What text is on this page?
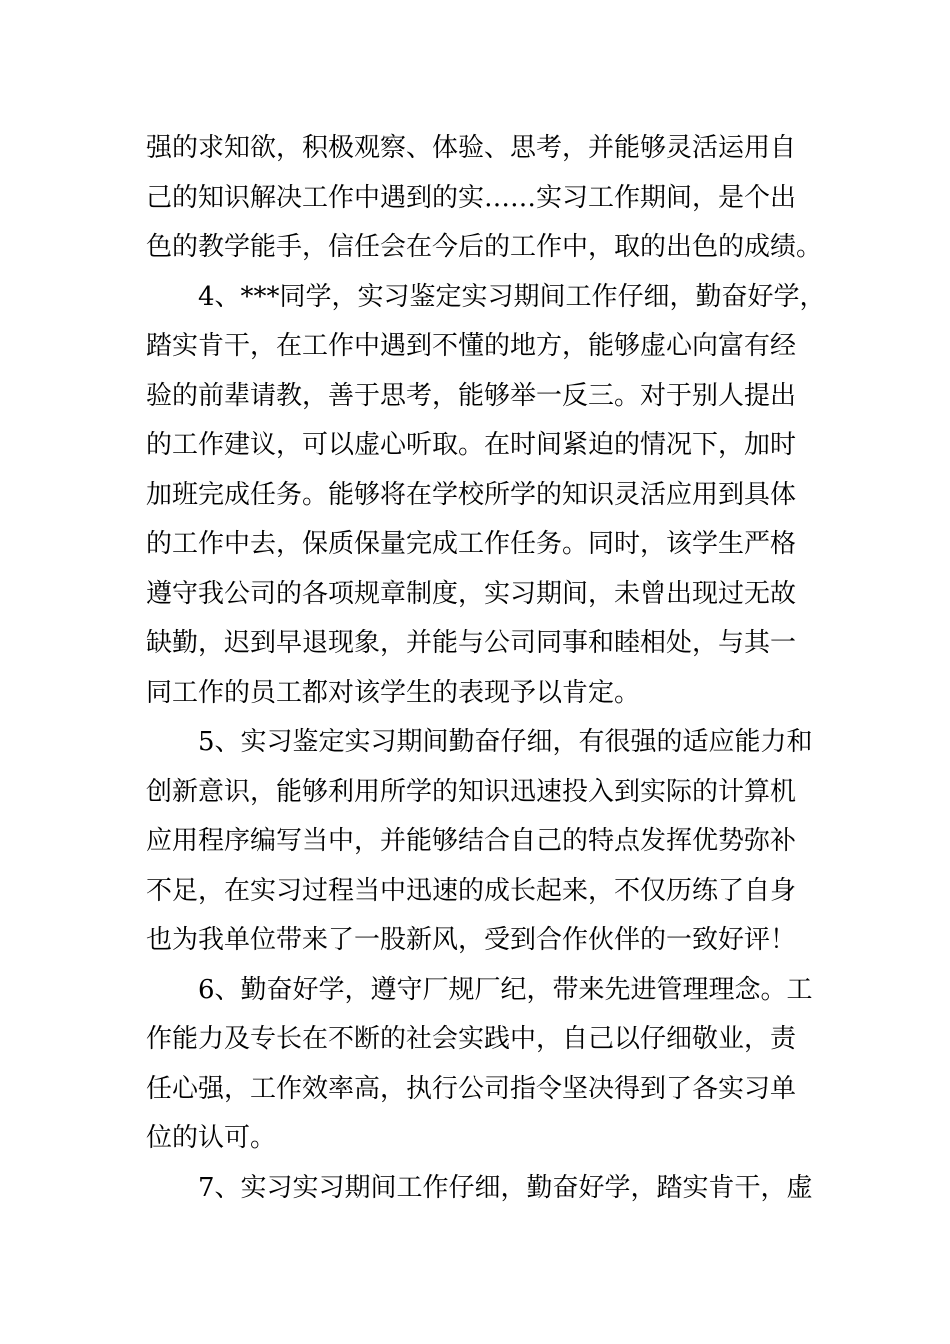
强的求知欲，积极观察、体验、思考，并能够灵活运用自
己的知识解决工作中遇到的实……实习工作期间，是个出
色的教学能手，信任会在今后的工作中，取的出色的成绩。

4、***同学，实习鉴定实习期间工作仔细，勤奋好学，
踏实肯干，在工作中遇到不懂的地方，能够虚心向富有经
验的前辈请教，善于思考，能够举一反三。对于别人提出
的工作建议，可以虚心听取。在时间紧迫的情况下，加时
加班完成任务。能够将在学校所学的知识灵活应用到具体
的工作中去，保质保量完成工作任务。同时，该学生严格
遵守我公司的各项规章制度，实习期间，未曾出现过无故
缺勤，迟到早退现象，并能与公司同事和睦相处，与其一
同工作的员工都对该学生的表现予以肯定。

5、实习鉴定实习期间勤奋仔细，有很强的适应能力和
创新意识，能够利用所学的知识迅速投入到实际的计算机
应用程序编写当中，并能够结合自己的特点发挥优势弥补
不足，在实习过程当中迅速的成长起来，不仅历练了自身
也为我单位带来了一股新风，受到合作伙伴的一致好评！

6、勤奋好学，遵守厂规厂纪，带来先进管理理念。工
作能力及专长在不断的社会实践中，自己以仔细敬业，责
任心强，工作效率高，执行公司指令坚决得到了各实习单
位的认可。

7、实习实习期间工作仔细，勤奋好学，踏实肯干，虚
